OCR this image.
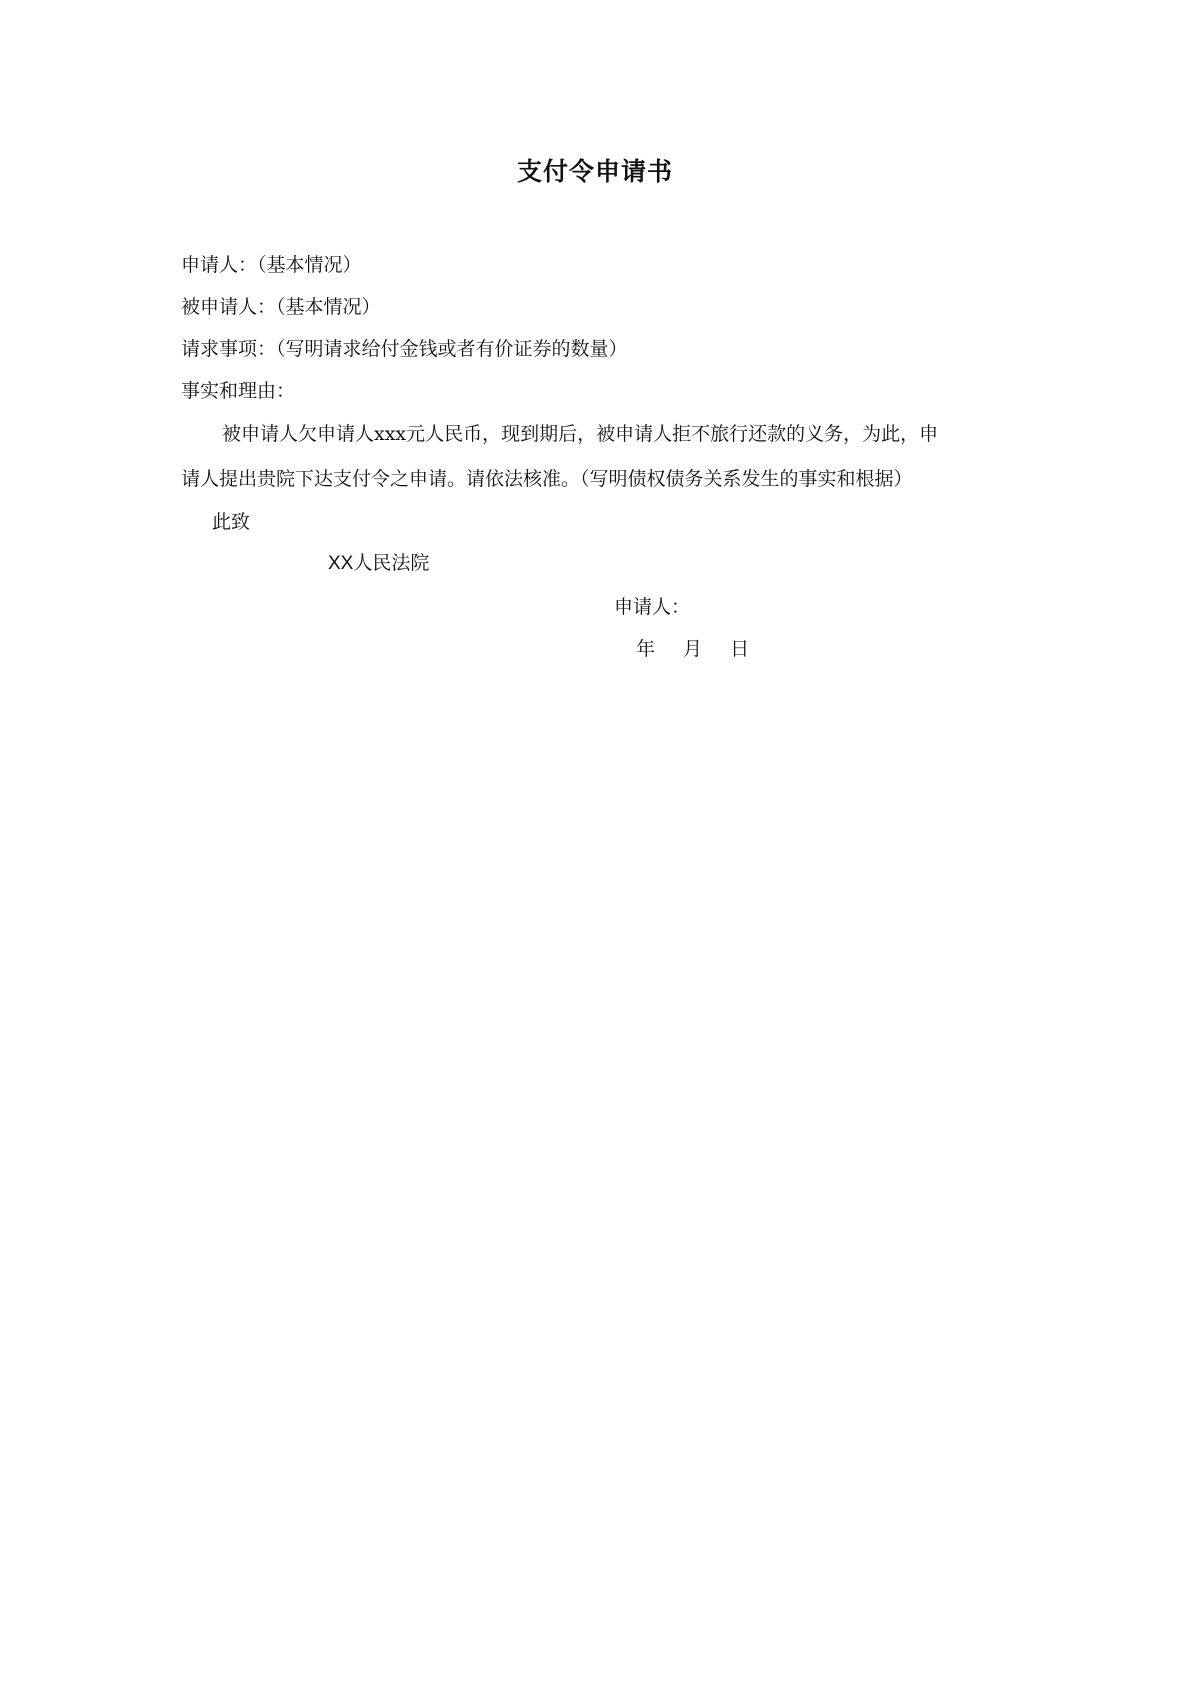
支付令申请书
申请人：（基本情况）
被申请人：（基本情况）
请求事项：（写明请求给付金钱或者有价证券的数量）
事实和理由：
被申请人欠申请人xxx元人民币，现到期后，被申请人拒不旅行还款的义务，为此，申
请人提出贵院下达支付令之申请。请依法核准。（写明债权债务关系发生的事实和根据）
此致
XX人民法院
申请人：
年 月 日
